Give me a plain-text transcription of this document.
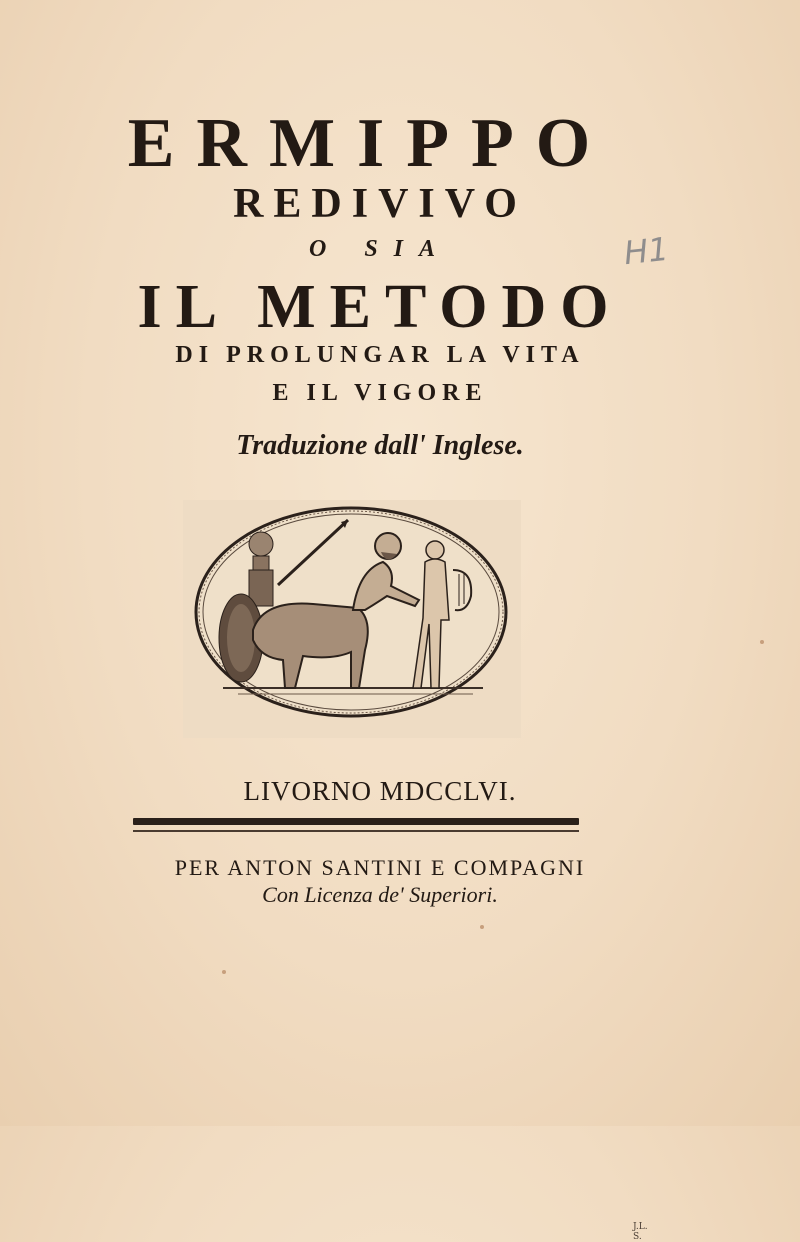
ERMIPPO
REDIVIVO
O SIA
IL METODO
DI PROLUNGAR LA VITA
E IL VIGORE
Traduzione dall' Inglese.
H1
J.L. S.
LIVORNO MDCCLVI.
PER ANTON SANTINI E COMPAGNI
Con Licenza de' Superiori.
